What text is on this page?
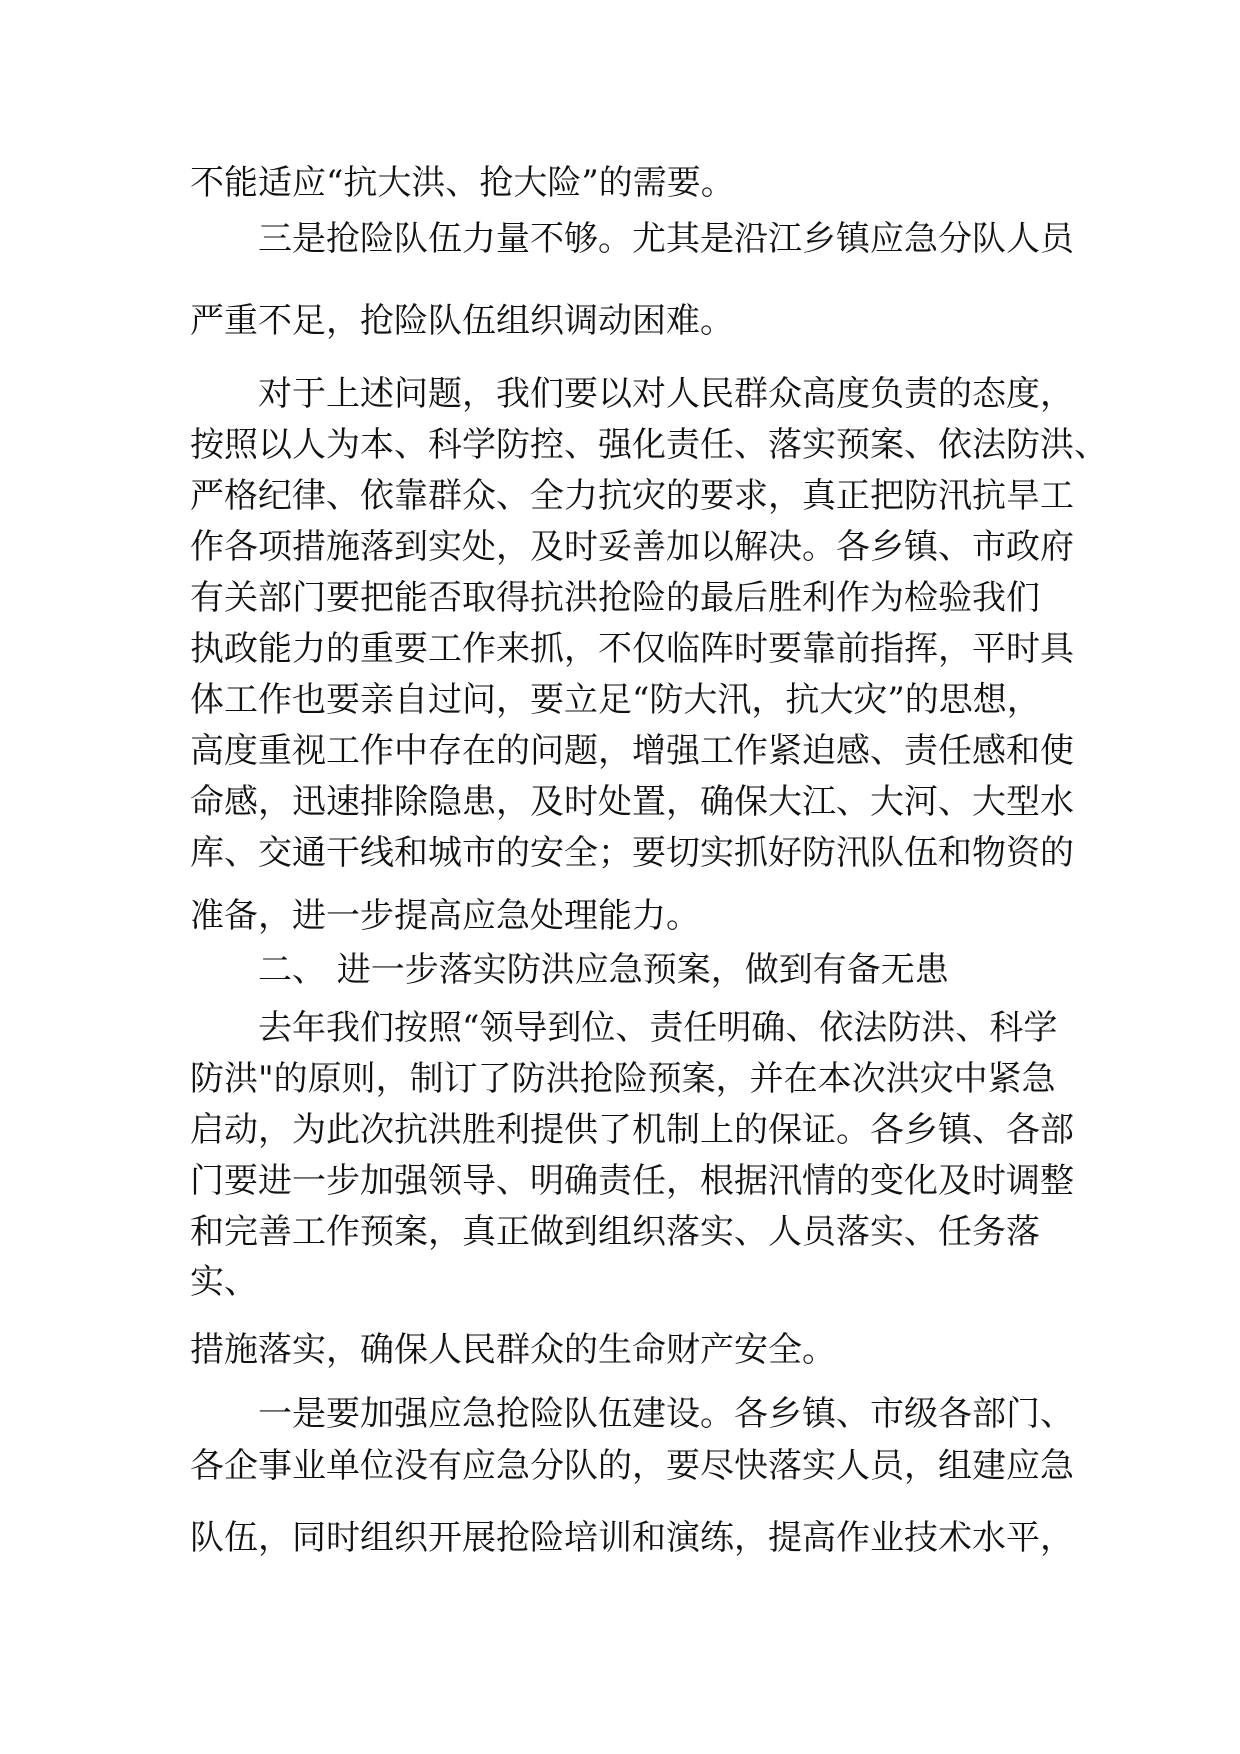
不能适应“抗大洪、抢大险”的需要。
三是抢险队伍力量不够。尤其是沿江乡镇应急分队人员
严重不足，抢险队伍组织调动困难。
对于上述问题，我们要以对人民群众高度负责的态度，
按照以人为本、科学防控、强化责任、落实预案、依法防洪、
严格纪律、依靠群众、全力抗灾的要求，真正把防汛抗旱工
作各项措施落到实处，及时妥善加以解决。各乡镇、市政府
有关部门要把能否取得抗洪抢险的最后胜利作为检验我们
执政能力的重要工作来抓，不仅临阵时要靠前指挥，平时具
体工作也要亲自过问，要立足“防大汛，抗大灾”的思想，
高度重视工作中存在的问题，增强工作紧迫感、责任感和使
命感，迅速排除隐患，及时处置，确保大江、大河、大型水
库、交通干线和城市的安全；要切实抓好防汛队伍和物资的
准备，进一步提高应急处理能力。
二、 进一步落实防洪应急预案，做到有备无患
去年我们按照“领导到位、责任明确、依法防洪、科学
防洪"的原则，制订了防洪抢险预案，并在本次洪灾中紧急
启动，为此次抗洪胜利提供了机制上的保证。各乡镇、各部
门要进一步加强领导、明确责任，根据汛情的变化及时调整
和完善工作预案，真正做到组织落实、人员落实、任务落
实、
措施落实，确保人民群众的生命财产安全。
一是要加强应急抢险队伍建设。各乡镇、市级各部门、
各企事业单位没有应急分队的，要尽快落实人员，组建应急
队伍，同时组织开展抢险培训和演练，提高作业技术水平，
